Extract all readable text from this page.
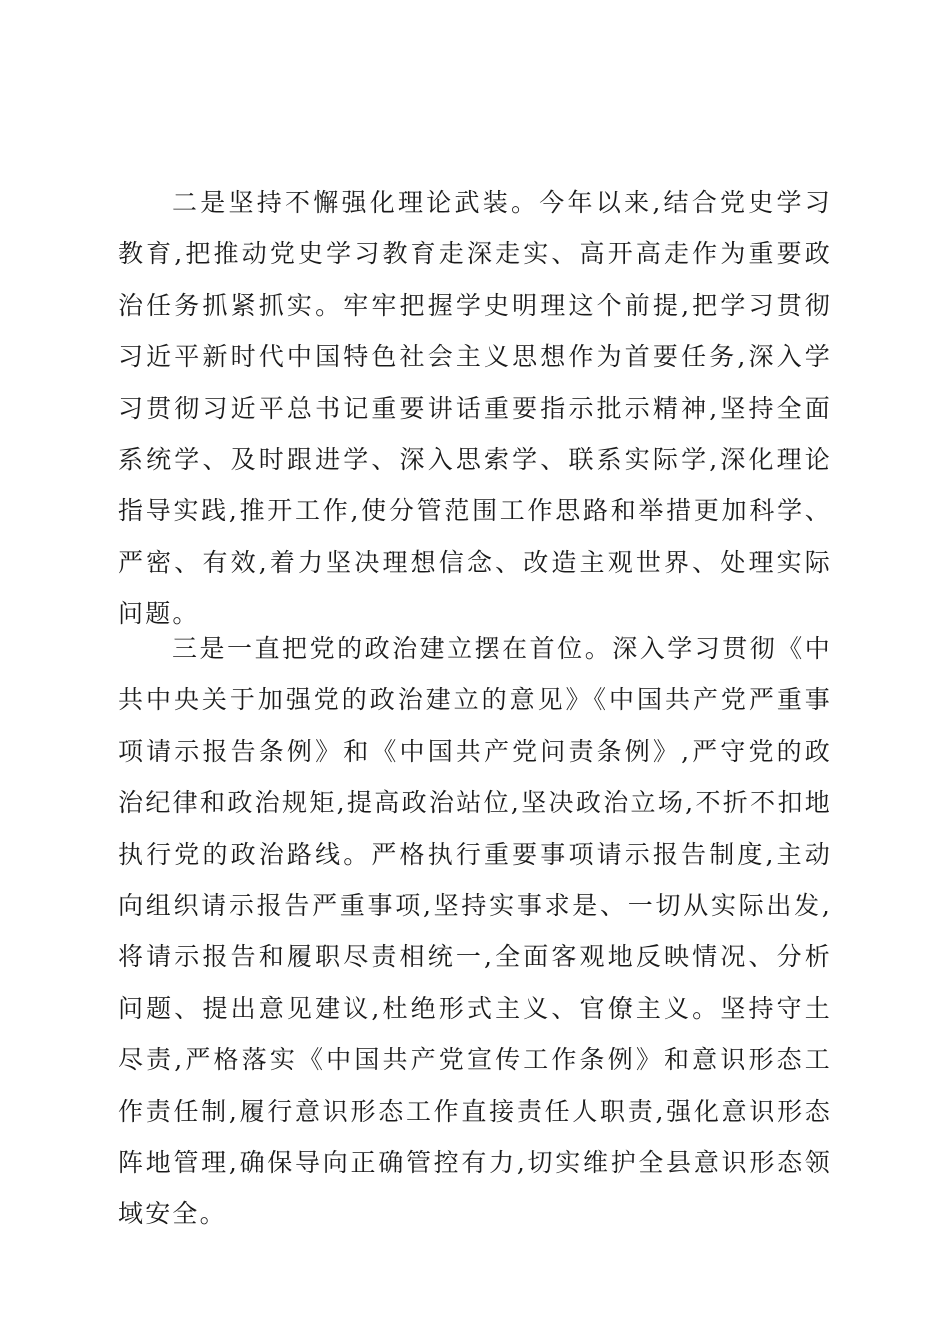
二是坚持不懈强化理论武装。今年以来,结合党史学习教育,把推动党史学习教育走深走实、高开高走作为重要政治任务抓紧抓实。牢牢把握学史明理这个前提,把学习贯彻习近平新时代中国特色社会主义思想作为首要任务,深入学习贯彻习近平总书记重要讲话重要指示批示精神,坚持全面系统学、及时跟进学、深入思索学、联系实际学,深化理论指导实践,推开工作,使分管范围工作思路和举措更加科学、严密、有效,着力坚决理想信念、改造主观世界、处理实际问题。

三是一直把党的政治建立摆在首位。深入学习贯彻《中共中央关于加强党的政治建立的意见》《中国共产党严重事项请示报告条例》和《中国共产党问责条例》,严守党的政治纪律和政治规矩,提高政治站位,坚决政治立场,不折不扣地执行党的政治路线。严格执行重要事项请示报告制度,主动向组织请示报告严重事项,坚持实事求是、一切从实际出发,将请示报告和履职尽责相统一,全面客观地反映情况、分析问题、提出意见建议,杜绝形式主义、官僚主义。坚持守土尽责,严格落实《中国共产党宣传工作条例》和意识形态工作责任制,履行意识形态工作直接责任人职责,强化意识形态阵地管理,确保导向正确管控有力,切实维护全县意识形态领域安全。
